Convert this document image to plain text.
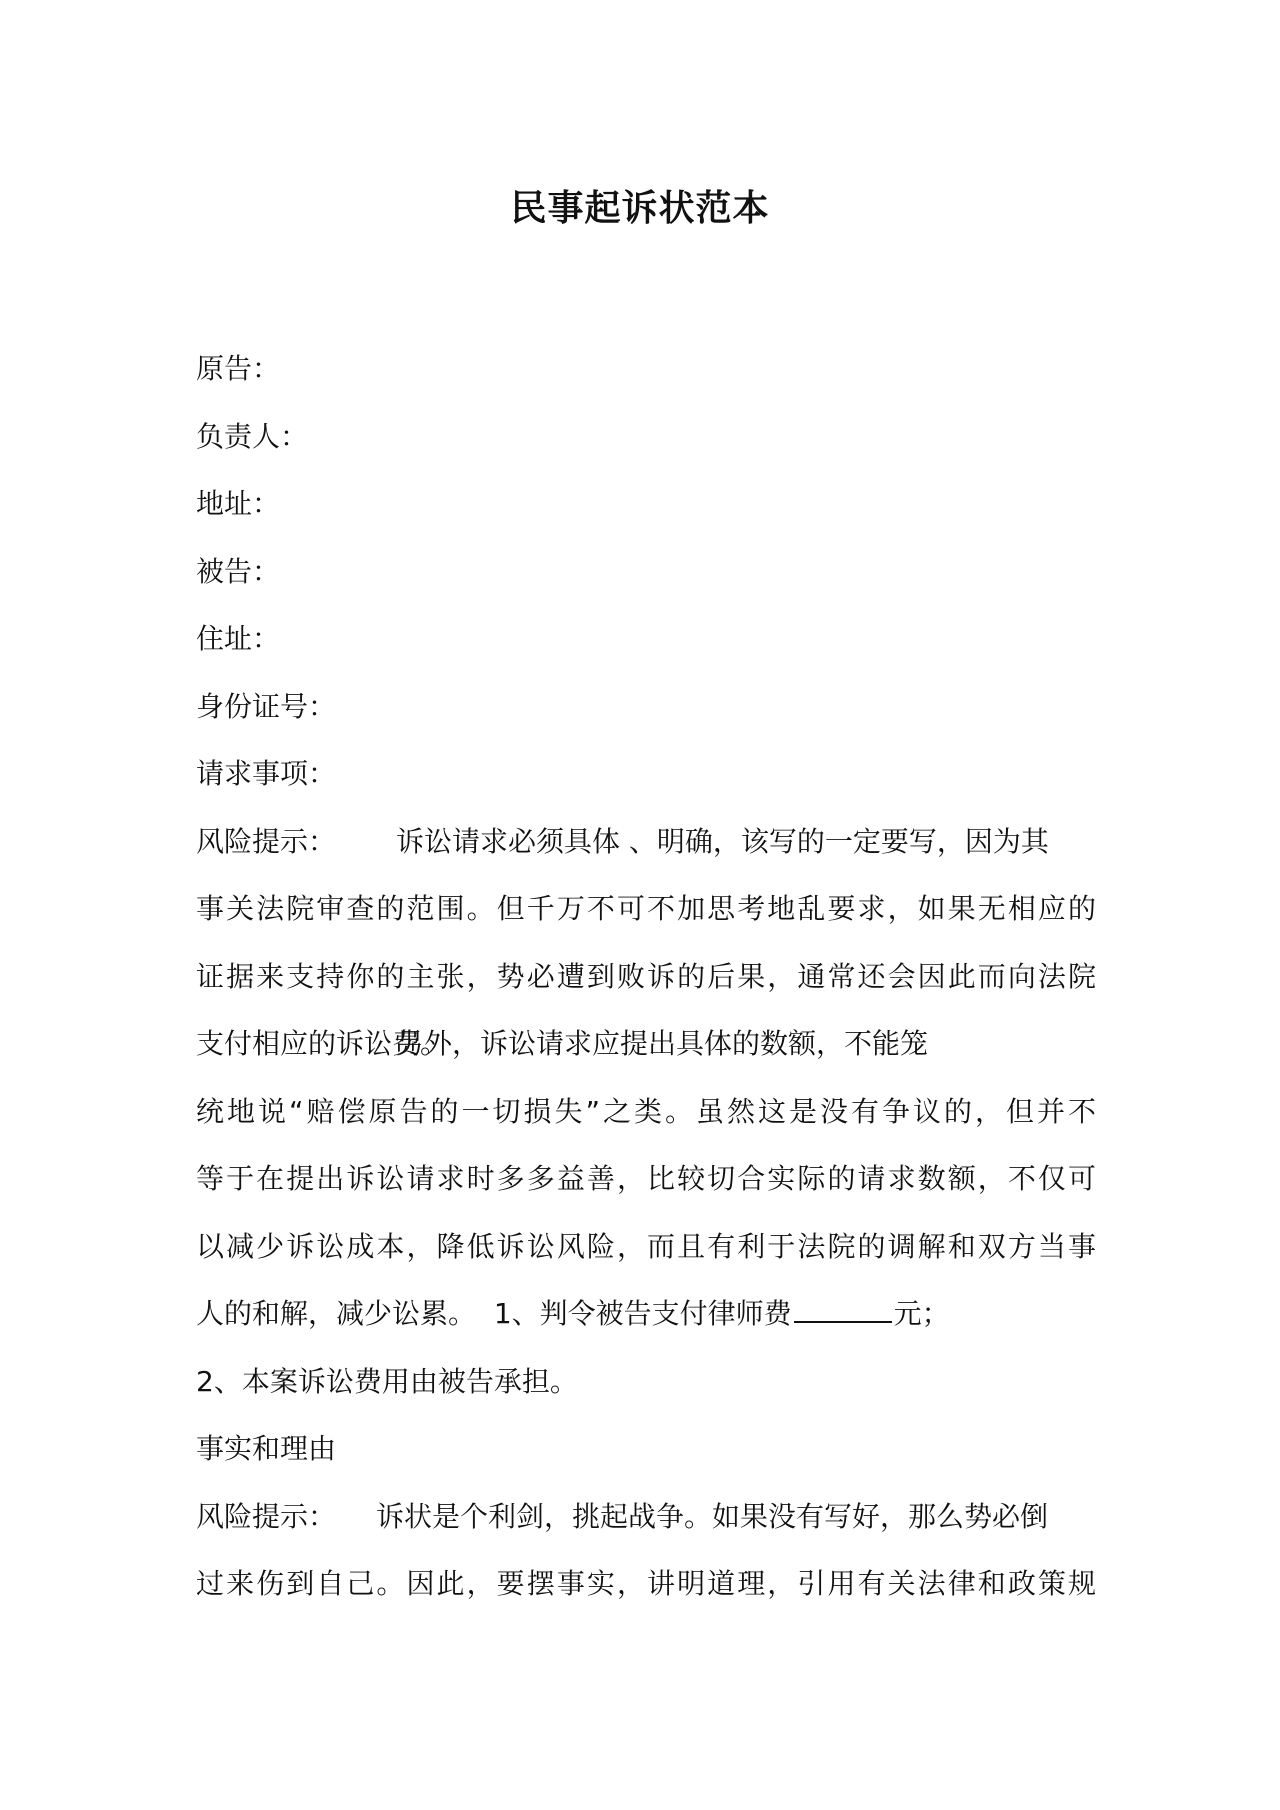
民事起诉状范本
原告：
负责人：
地址：
被告：
住址：
身份证号：
请求事项：
风险提示： 诉讼请求必须具体 、明确，该写的一定要写，因为其
事关法院审查的范围。但千万不可不加思考地乱要求，如果无相应的
证据来支持你的主张，势必遭到败诉的后果，通常还会因此而向法院
支付相应的诉讼费。另外，诉讼请求应提出具体的数额，不能笼
统地说“赔偿原告的一切损失”之类。虽然这是没有争议的，但并不
等于在提出诉讼请求时多多益善，比较切合实际的请求数额，不仅可
以减少诉讼成本，降低诉讼风险，而且有利于法院的调解和双方当事
人的和解，减少讼累。 1、判令被告支付律师费	元；
2、本案诉讼费用由被告承担。
事实和理由
风险提示： 诉状是个利剑，挑起战争。如果没有写好，那么势必倒
过来伤到自己。因此，要摆事实，讲明道理，引用有关法律和政策规
